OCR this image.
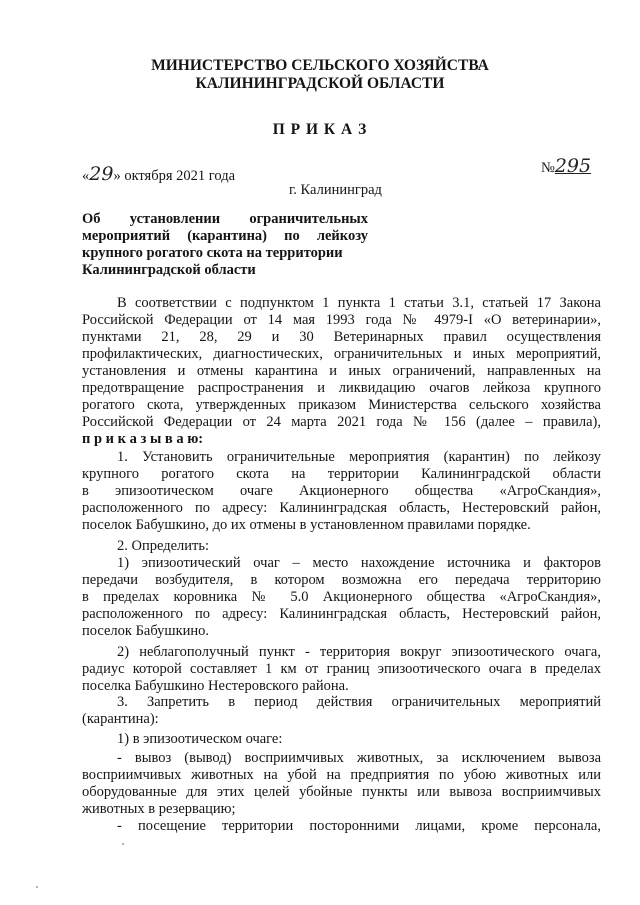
МИНИСТЕРСТВО СЕЛЬСКОГО ХОЗЯЙСТВА
КАЛИНИНГРАДСКОЙ ОБЛАСТИ
П Р И К А З
«29» октября 2021 года	№295
г. Калининград
Об установлении ограничительных
мероприятий (карантина) по лейкозу
крупного рогатого скота на территории
Калининградской области
В соответствии с подпунктом 1 пункта 1 статьи 3.1, статьей 17 Закона
Российской Федерации от 14 мая 1993 года № 4979-I «О ветеринарии»,
пунктами 21, 28, 29 и 30 Ветеринарных правил осуществления
профилактических, диагностических, ограничительных и иных мероприятий,
установления и отмены карантина и иных ограничений, направленных на
предотвращение распространения и ликвидацию очагов лейкоза крупного
рогатого скота, утвержденных приказом Министерства сельского хозяйства
Российской Федерации от 24 марта 2021 года № 156 (далее – правила),
п р и к а з ы в а ю:
1. Установить ограничительные мероприятия (карантин) по лейкозу
крупного рогатого скота на территории Калининградской области
в эпизоотическом очаге Акционерного общества «АгроСкандия»,
расположенного по адресу: Калининградская область, Нестеровский район,
поселок Бабушкино, до их отмены в установленном правилами порядке.
2. Определить:
1) эпизоотический очаг – место нахождение источника и факторов
передачи возбудителя, в котором возможна его передача территорию
в пределах коровника № 5.0 Акционерного общества «АгроСкандия»,
расположенного по адресу: Калининградская область, Нестеровский район,
поселок Бабушкино.
2) неблагополучный пункт - территория вокруг эпизоотического очага,
радиус которой составляет 1 км от границ эпизоотического очага в пределах
поселка Бабушкино Нестеровского района.
3. Запретить в период действия ограничительных мероприятий
(карантина):
1) в эпизоотическом очаге:
- вывоз (вывод) восприимчивых животных, за исключением вывоза
восприимчивых животных на убой на предприятия по убою животных или
оборудованные для этих целей убойные пункты или вывоза восприимчивых
животных в резервацию;
- посещение территории посторонними лицами, кроме персонала,
